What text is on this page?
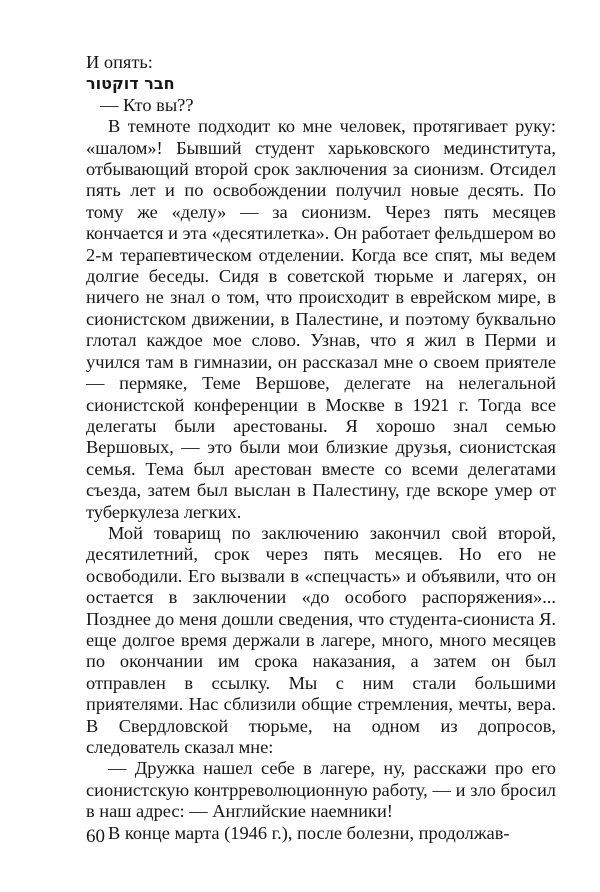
И опять:

חבר דוקטור

— Кто вы??

В темноте подходит ко мне человек, протягивает руку: «шалом»! Бывший студент харьковского мединститута, отбывающий второй срок заключения за сионизм. Отсидел пять лет и по освобождении получил новые десять. По тому же «делу» — за сионизм. Через пять месяцев кончается и эта «десятилетка». Он работает фельдшером во 2-м терапевтическом отделении. Когда все спят, мы ведем долгие беседы. Сидя в советской тюрьме и лагерях, он ничего не знал о том, что происходит в еврейском мире, в сионистском движении, в Палестине, и поэтому буквально глотал каждое мое слово. Узнав, что я жил в Перми и учился там в гимназии, он рассказал мне о своем приятеле — пермяке, Теме Вершове, делегате на нелегальной сионистской конференции в Москве в 1921 г. Тогда все делегаты были арестованы. Я хорошо знал семью Вершовых, — это были мои близкие друзья, сионистская семья. Тема был арестован вместе со всеми делегатами съезда, затем был выслан в Палестину, где вскоре умер от туберкулеза легких.

Мой товарищ по заключению закончил свой второй, десятилетний, срок через пять месяцев. Но его не освободили. Его вызвали в «спецчасть» и объявили, что он остается в заключении «до особого распоряжения»... Позднее до меня дошли сведения, что студента-сиониста Я. еще долгое время держали в лагере, много, много месяцев по окончании им срока наказания, а затем он был отправлен в ссылку. Мы с ним стали большими приятелями. Нас сблизили общие стремления, мечты, вера. В Свердловской тюрьме, на одном из допросов, следователь сказал мне:

— Дружка нашел себе в лагере, ну, расскажи про его сионистскую контрреволюционную работу, — и зло бросил в наш адрес: — Английские наемники!

В конце марта (1946 г.), после болезни, продолжав-

60
